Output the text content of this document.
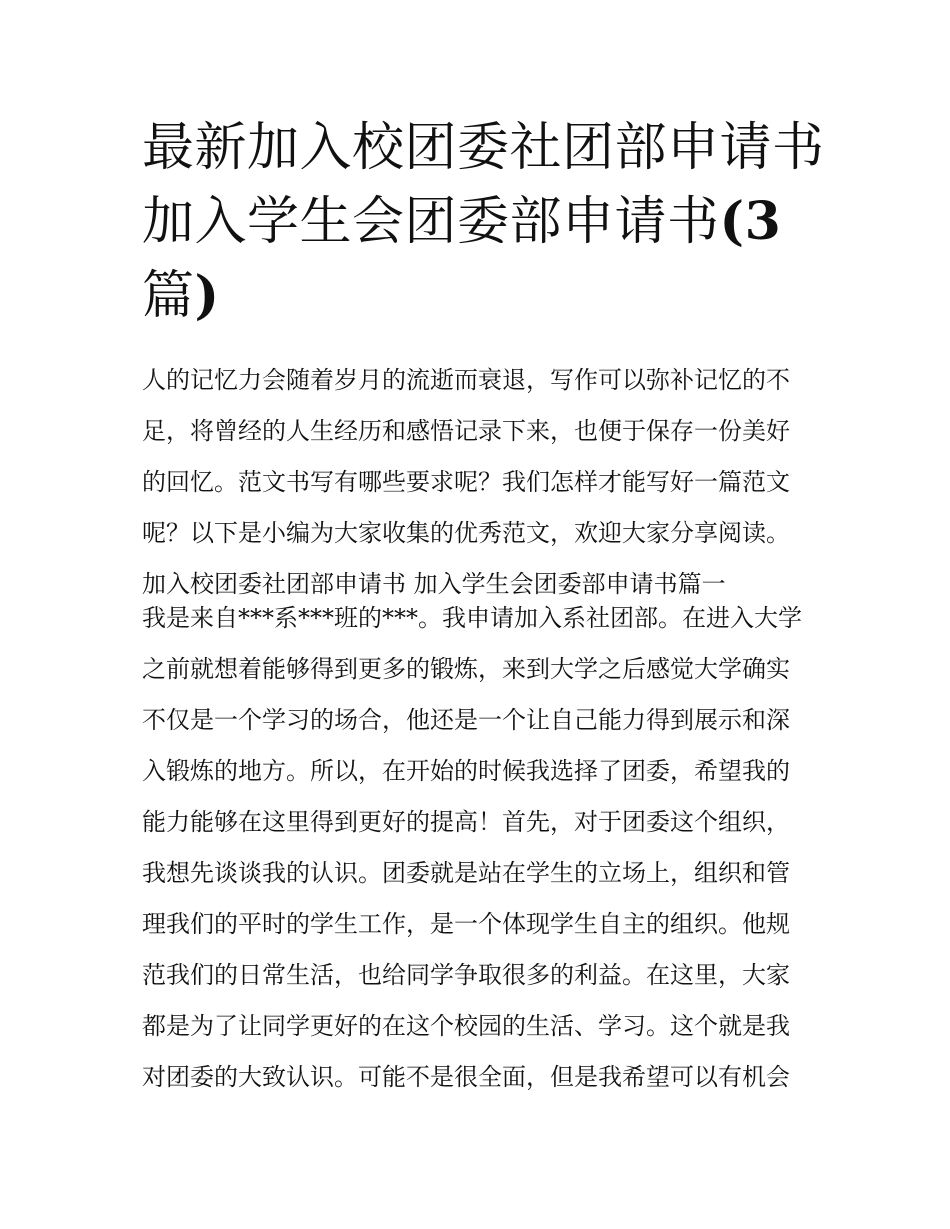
最新加入校团委社团部申请书
加入学生会团委部申请书(3
篇)
人的记忆力会随着岁月的流逝而衰退，写作可以弥补记忆的不
足，将曾经的人生经历和感悟记录下来，也便于保存一份美好
的回忆。范文书写有哪些要求呢？我们怎样才能写好一篇范文
呢？以下是小编为大家收集的优秀范文，欢迎大家分享阅读。
加入校团委社团部申请书 加入学生会团委部申请书篇一
我是来自***系***班的***。我申请加入系社团部。在进入大学
之前就想着能够得到更多的锻炼，来到大学之后感觉大学确实
不仅是一个学习的场合，他还是一个让自己能力得到展示和深
入锻炼的地方。所以，在开始的时候我选择了团委，希望我的
能力能够在这里得到更好的提高！首先，对于团委这个组织，
我想先谈谈我的认识。团委就是站在学生的立场上，组织和管
理我们的平时的学生工作，是一个体现学生自主的组织。他规
范我们的日常生活，也给同学争取很多的利益。在这里，大家
都是为了让同学更好的在这个校园的生活、学习。这个就是我
对团委的大致认识。可能不是很全面，但是我希望可以有机会
